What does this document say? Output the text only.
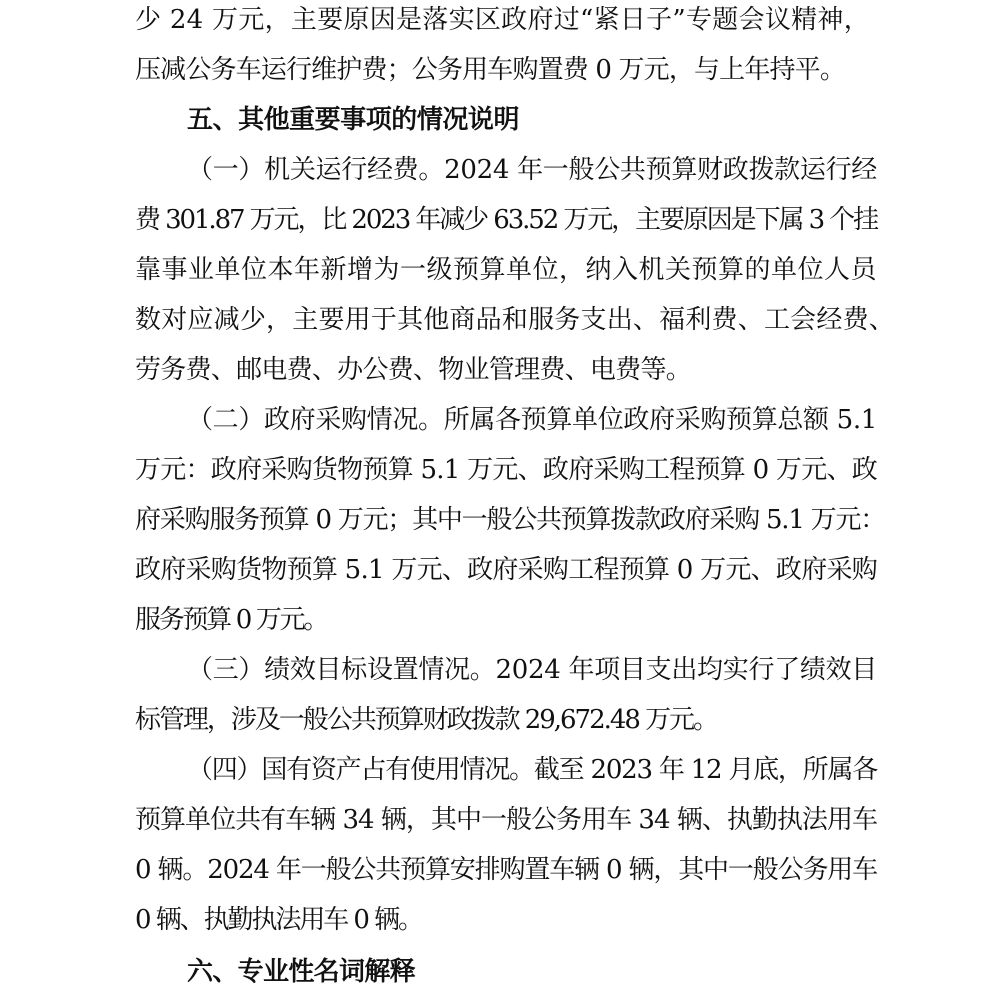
少 24 万元，主要原因是落实区政府过“紧日子”专题会议精神，
压减公务车运行维护费；公务用车购置费 0 万元，与上年持平。
五、其他重要事项的情况说明
（一）机关运行经费。2024 年一般公共预算财政拨款运行经
费 301.87 万元，比 2023 年减少 63.52 万元，主要原因是下属 3 个挂
靠事业单位本年新增为一级预算单位，纳入机关预算的单位人员
数对应减少，主要用于其他商品和服务支出、福利费、工会经费、
劳务费、邮电费、办公费、物业管理费、电费等。
（二）政府采购情况。所属各预算单位政府采购预算总额 5.1
万元：政府采购货物预算 5.1 万元、政府采购工程预算 0 万元、政
府采购服务预算 0 万元；其中一般公共预算拨款政府采购 5.1 万元：
政府采购货物预算 5.1 万元、政府采购工程预算 0 万元、政府采购
服务预算 0 万元。
（三）绩效目标设置情况。2024 年项目支出均实行了绩效目
标管理，涉及一般公共预算财政拨款 29,672.48 万元。
（四）国有资产占有使用情况。截至 2023 年 12 月底，所属各
预算单位共有车辆 34 辆，其中一般公务用车 34 辆、执勤执法用车
0 辆。2024 年一般公共预算安排购置车辆 0 辆，其中一般公务用车
0 辆、执勤执法用车 0 辆。
六、专业性名词解释
